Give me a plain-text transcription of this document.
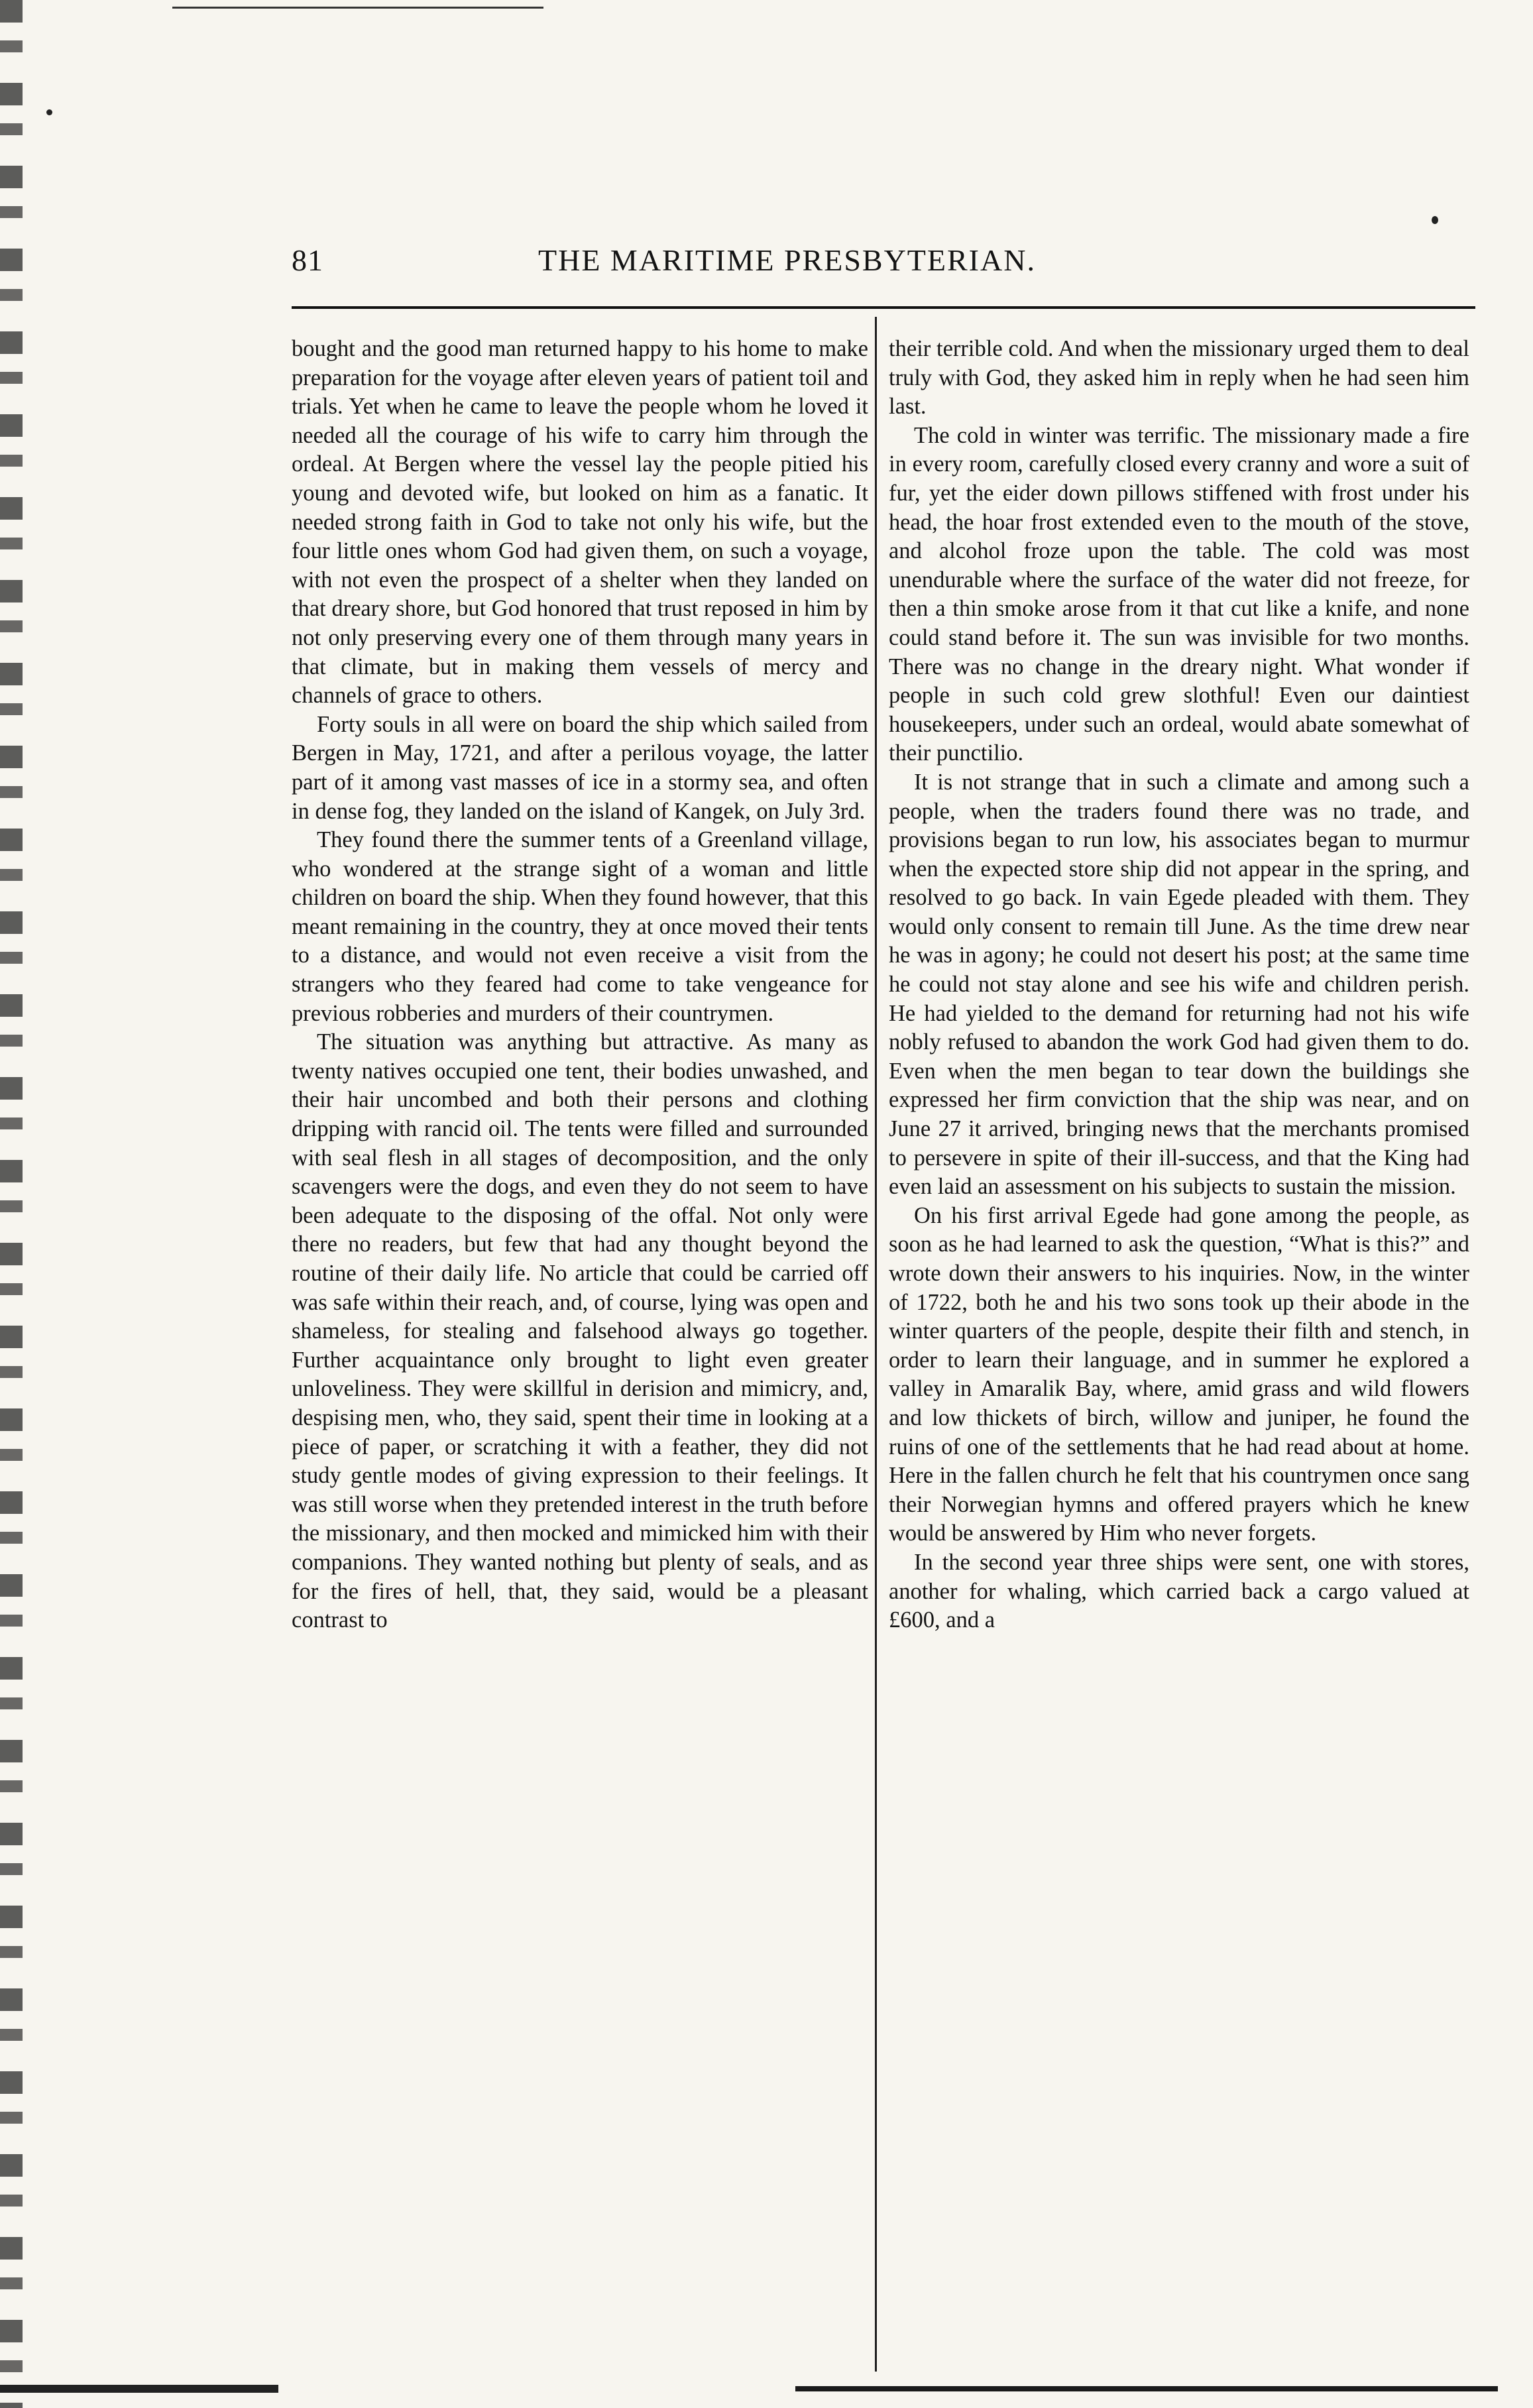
81	THE MARITIME PRESBYTERIAN.

bought and the good man returned happy to his home to make preparation for the voyage after eleven years of patient toil and trials. Yet when he came to leave the people whom he loved it needed all the courage of his wife to carry him through the ordeal. At Bergen where the vessel lay the people pitied his young and devoted wife, but looked on him as a fanatic. It needed strong faith in God to take not only his wife, but the four little ones whom God had given them, on such a voyage, with not even the prospect of a shelter when they landed on that dreary shore, but God honored that trust reposed in him by not only preserving every one of them through many years in that climate, but in making them vessels of mercy and channels of grace to others.

Forty souls in all were on board the ship which sailed from Bergen in May, 1721, and after a perilous voyage, the latter part of it among vast masses of ice in a stormy sea, and often in dense fog, they landed on the island of Kangek, on July 3rd.

They found there the summer tents of a Greenland village, who wondered at the strange sight of a woman and little children on board the ship. When they found however, that this meant remaining in the country, they at once moved their tents to a distance, and would not even receive a visit from the strangers who they feared had come to take vengeance for previous robberies and murders of their countrymen.

The situation was anything but attractive. As many as twenty natives occupied one tent, their bodies unwashed, and their hair uncombed and both their persons and clothing dripping with rancid oil. The tents were filled and surrounded with seal flesh in all stages of decomposition, and the only scavengers were the dogs, and even they do not seem to have been adequate to the disposing of the offal. Not only were there no readers, but few that had any thought beyond the routine of their daily life. No article that could be carried off was safe within their reach, and, of course, lying was open and shameless, for stealing and falsehood always go together. Further acquaintance only brought to light even greater unloveliness. They were skillful in derision and mimicry, and, despising men, who, they said, spent their time in looking at a piece of paper, or scratching it with a feather, they did not study gentle modes of giving expression to their feelings. It was still worse when they pretended interest in the truth before the missionary, and then mocked and mimicked him with their companions. They wanted nothing but plenty of seals, and as for the fires of hell, that, they said, would be a pleasant contrast to

their terrible cold. And when the missionary urged them to deal truly with God, they asked him in reply when he had seen him last.

The cold in winter was terrific. The missionary made a fire in every room, carefully closed every cranny and wore a suit of fur, yet the eider down pillows stiffened with frost under his head, the hoar frost extended even to the mouth of the stove, and alcohol froze upon the table. The cold was most unendurable where the surface of the water did not freeze, for then a thin smoke arose from it that cut like a knife, and none could stand before it. The sun was invisible for two months. There was no change in the dreary night. What wonder if people in such cold grew slothful! Even our daintiest housekeepers, under such an ordeal, would abate somewhat of their punctilio.

It is not strange that in such a climate and among such a people, when the traders found there was no trade, and provisions began to run low, his associates began to murmur when the expected store ship did not appear in the spring, and resolved to go back. In vain Egede pleaded with them. They would only consent to remain till June. As the time drew near he was in agony; he could not desert his post; at the same time he could not stay alone and see his wife and children perish. He had yielded to the demand for returning had not his wife nobly refused to abandon the work God had given them to do. Even when the men began to tear down the buildings she expressed her firm conviction that the ship was near, and on June 27 it arrived, bringing news that the merchants promised to persevere in spite of their ill-success, and that the King had even laid an assessment on his subjects to sustain the mission.

On his first arrival Egede had gone among the people, as soon as he had learned to ask the question, “What is this?” and wrote down their answers to his inquiries. Now, in the winter of 1722, both he and his two sons took up their abode in the winter quarters of the people, despite their filth and stench, in order to learn their language, and in summer he explored a valley in Amaralik Bay, where, amid grass and wild flowers and low thickets of birch, willow and juniper, he found the ruins of one of the settlements that he had read about at home. Here in the fallen church he felt that his countrymen once sang their Norwegian hymns and offered prayers which he knew would be answered by Him who never forgets.

In the second year three ships were sent, one with stores, another for whaling, which carried back a cargo valued at £600, and a
